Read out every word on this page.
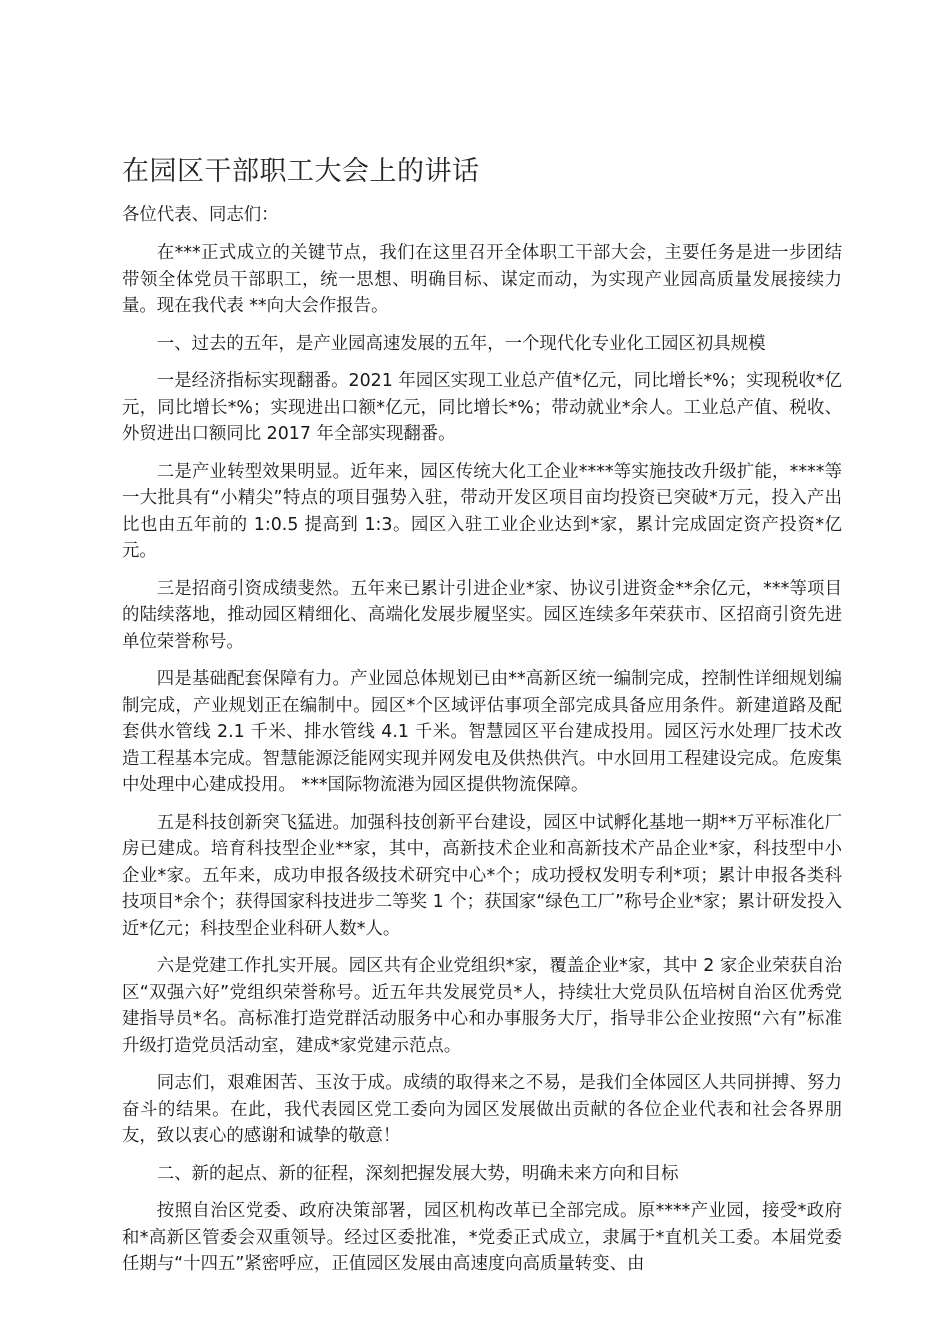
在园区干部职工大会上的讲话

各位代表、同志们：

在***正式成立的关键节点，我们在这里召开全体职工干部大会，主要任务是进一步团结带领全体党员干部职工，统一思想、明确目标、谋定而动，为实现产业园高质量发展接续力量。现在我代表 **向大会作报告。

一、过去的五年，是产业园高速发展的五年，一个现代化专业化工园区初具规模

一是经济指标实现翻番。2021 年园区实现工业总产值*亿元，同比增长*%；实现税收*亿元，同比增长*%；实现进出口额*亿元，同比增长*%；带动就业*余人。工业总产值、税收、外贸进出口额同比 2017 年全部实现翻番。

二是产业转型效果明显。近年来，园区传统大化工企业****等实施技改升级扩能，****等一大批具有“小精尖”特点的项目强势入驻，带动开发区项目亩均投资已突破*万元，投入产出比也由五年前的 1:0.5 提高到 1:3。园区入驻工业企业达到*家，累计完成固定资产投资*亿元。

三是招商引资成绩斐然。五年来已累计引进企业*家、协议引进资金**余亿元，***等项目的陆续落地，推动园区精细化、高端化发展步履坚实。园区连续多年荣获市、区招商引资先进单位荣誉称号。

四是基础配套保障有力。产业园总体规划已由**高新区统一编制完成，控制性详细规划编制完成，产业规划正在编制中。园区*个区域评估事项全部完成具备应用条件。新建道路及配套供水管线 2.1 千米、排水管线 4.1 千米。智慧园区平台建成投用。园区污水处理厂技术改造工程基本完成。智慧能源泛能网实现并网发电及供热供汽。中水回用工程建设完成。危废集中处理中心建成投用。 ***国际物流港为园区提供物流保障。

五是科技创新突飞猛进。加强科技创新平台建设，园区中试孵化基地一期**万平标准化厂房已建成。培育科技型企业**家，其中，高新技术企业和高新技术产品企业*家，科技型中小企业*家。五年来，成功申报各级技术研究中心*个；成功授权发明专利*项；累计申报各类科技项目*余个；获得国家科技进步二等奖 1 个；获国家“绿色工厂”称号企业*家；累计研发投入近*亿元；科技型企业科研人数*人。

六是党建工作扎实开展。园区共有企业党组织*家，覆盖企业*家，其中 2 家企业荣获自治区“双强六好”党组织荣誉称号。近五年共发展党员*人，持续壮大党员队伍培树自治区优秀党建指导员*名。高标准打造党群活动服务中心和办事服务大厅，指导非公企业按照“六有”标准升级打造党员活动室，建成*家党建示范点。

同志们，艰难困苦、玉汝于成。成绩的取得来之不易，是我们全体园区人共同拼搏、努力奋斗的结果。在此，我代表园区党工委向为园区发展做出贡献的各位企业代表和社会各界朋友，致以衷心的感谢和诚挚的敬意！

二、新的起点、新的征程，深刻把握发展大势，明确未来方向和目标

按照自治区党委、政府决策部署，园区机构改革已全部完成。原****产业园，接受*政府和*高新区管委会双重领导。经过区委批准，*党委正式成立，隶属于*直机关工委。本届党委任期与“十四五”紧密呼应，正值园区发展由高速度向高质量转变、由
